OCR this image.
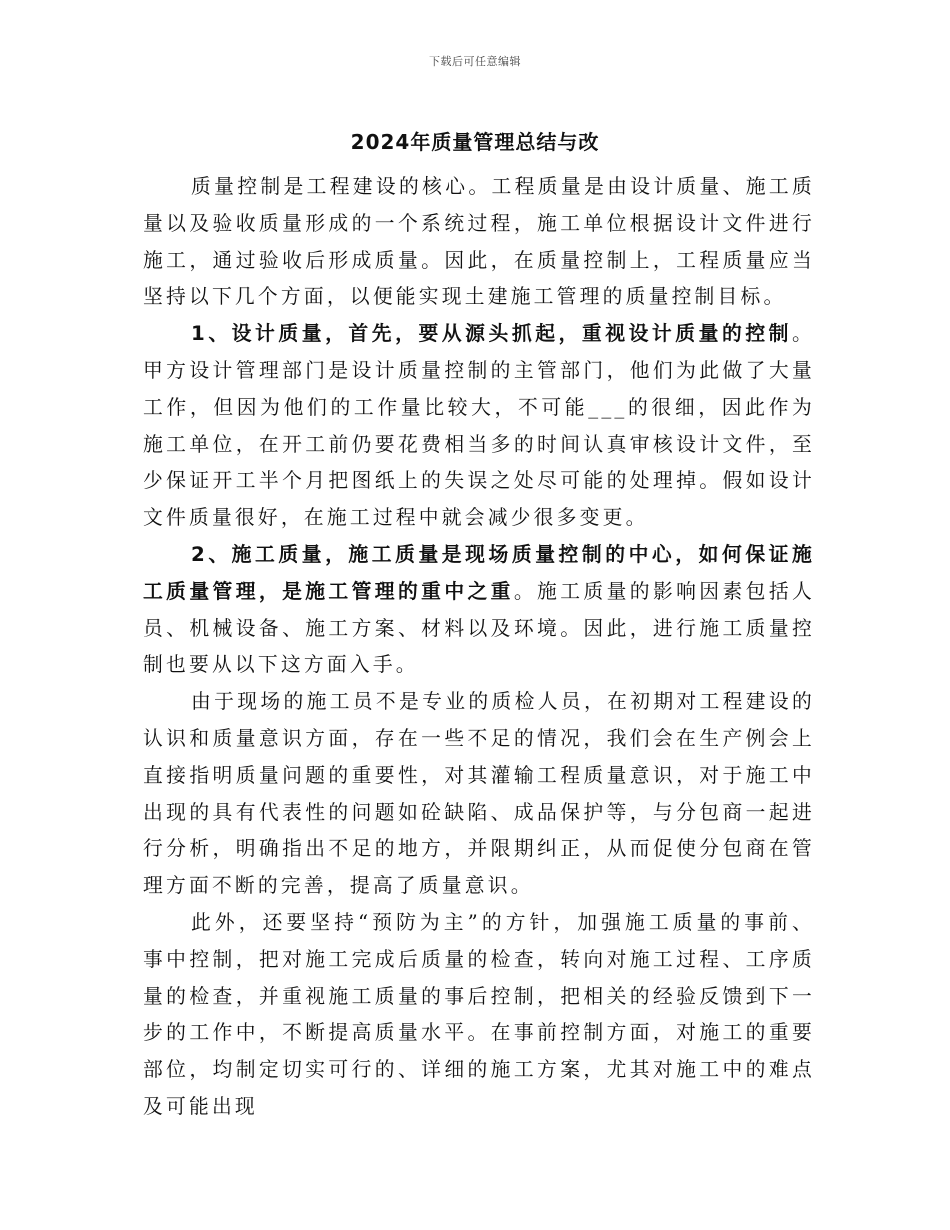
下载后可任意编辑
2024年质量管理总结与改

质量控制是工程建设的核心。工程质量是由设计质量、施工质量以及验收质量形成的一个系统过程，施工单位根据设计文件进行施工，通过验收后形成质量。因此，在质量控制上，工程质量应当坚持以下几个方面，以便能实现土建施工管理的质量控制目标。

1、设计质量，首先，要从源头抓起，重视设计质量的控制。甲方设计管理部门是设计质量控制的主管部门，他们为此做了大量工作，但因为他们的工作量比较大，不可能___的很细，因此作为施工单位，在开工前仍要花费相当多的时间认真审核设计文件，至少保证开工半个月把图纸上的失误之处尽可能的处理掉。假如设计文件质量很好，在施工过程中就会减少很多变更。

2、施工质量，施工质量是现场质量控制的中心，如何保证施工质量管理，是施工管理的重中之重。施工质量的影响因素包括人员、机械设备、施工方案、材料以及环境。因此，进行施工质量控制也要从以下这方面入手。

由于现场的施工员不是专业的质检人员，在初期对工程建设的认识和质量意识方面，存在一些不足的情况，我们会在生产例会上直接指明质量问题的重要性，对其灌输工程质量意识，对于施工中出现的具有代表性的问题如砼缺陷、成品保护等，与分包商一起进行分析，明确指出不足的地方，并限期纠正，从而促使分包商在管理方面不断的完善，提高了质量意识。

此外，还要坚持“预防为主”的方针，加强施工质量的事前、事中控制，把对施工完成后质量的检查，转向对施工过程、工序质量的检查，并重视施工质量的事后控制，把相关的经验反馈到下一步的工作中，不断提高质量水平。在事前控制方面，对施工的重要部位，均制定切实可行的、详细的施工方案，尤其对施工中的难点及可能出现
